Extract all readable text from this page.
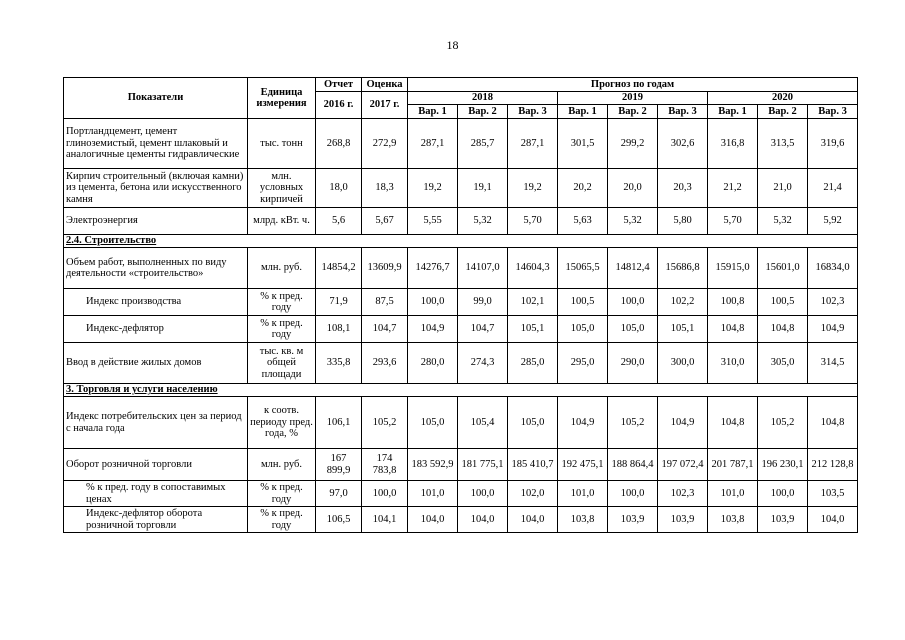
18
Показатели	Единица измерения	Отчет	Оценка	Прогноз по годам								
		2016 г.	2017 г.	2018			2019			2020		
				Вар. 1	Вар. 2	Вар. 3	Вар. 1	Вар. 2	Вар. 3	Вар. 1	Вар. 2	Вар. 3
Портландцемент, цемент глиноземистый, цемент шлаковый и аналогичные цементы гидравлические	тыс. тонн	268,8	272,9	287,1	285,7	287,1	301,5	299,2	302,6	316,8	313,5	319,6
Кирпич строительный (включая камни) из цемента, бетона или искусственного камня	млн. условных кирпичей	18,0	18,3	19,2	19,1	19,2	20,2	20,0	20,3	21,2	21,0	21,4
Электроэнергия	млрд. кВт. ч.	5,6	5,67	5,55	5,32	5,70	5,63	5,32	5,80	5,70	5,32	5,92
2.4. Строительство												
Объем работ, выполненных по виду деятельности «строительство»	млн. руб.	14854,2	13609,9	14276,7	14107,0	14604,3	15065,5	14812,4	15686,8	15915,0	15601,0	16834,0
Индекс производства	% к пред. году	71,9	87,5	100,0	99,0	102,1	100,5	100,0	102,2	100,8	100,5	102,3
Индекс-дефлятор	% к пред. году	108,1	104,7	104,9	104,7	105,1	105,0	105,0	105,1	104,8	104,8	104,9
Ввод в действие жилых домов	тыс. кв. м общей площади	335,8	293,6	280,0	274,3	285,0	295,0	290,0	300,0	310,0	305,0	314,5
3. Торговля и услуги населению												
Индекс потребительских цен за период с начала года	к соотв. периоду пред. года, %	106,1	105,2	105,0	105,4	105,0	104,9	105,2	104,9	104,8	105,2	104,8
Оборот розничной торговли	млн. руб.	167 899,9	174 783,8	183 592,9	181 775,1	185 410,7	192 475,1	188 864,4	197 072,4	201 787,1	196 230,1	212 128,8
% к пред. году в сопоставимых ценах	% к пред. году	97,0	100,0	101,0	100,0	102,0	101,0	100,0	102,3	101,0	100,0	103,5
Индекс-дефлятор оборота розничной торговли	% к пред. году	106,5	104,1	104,0	104,0	104,0	103,8	103,9	103,9	103,8	103,9	104,0
